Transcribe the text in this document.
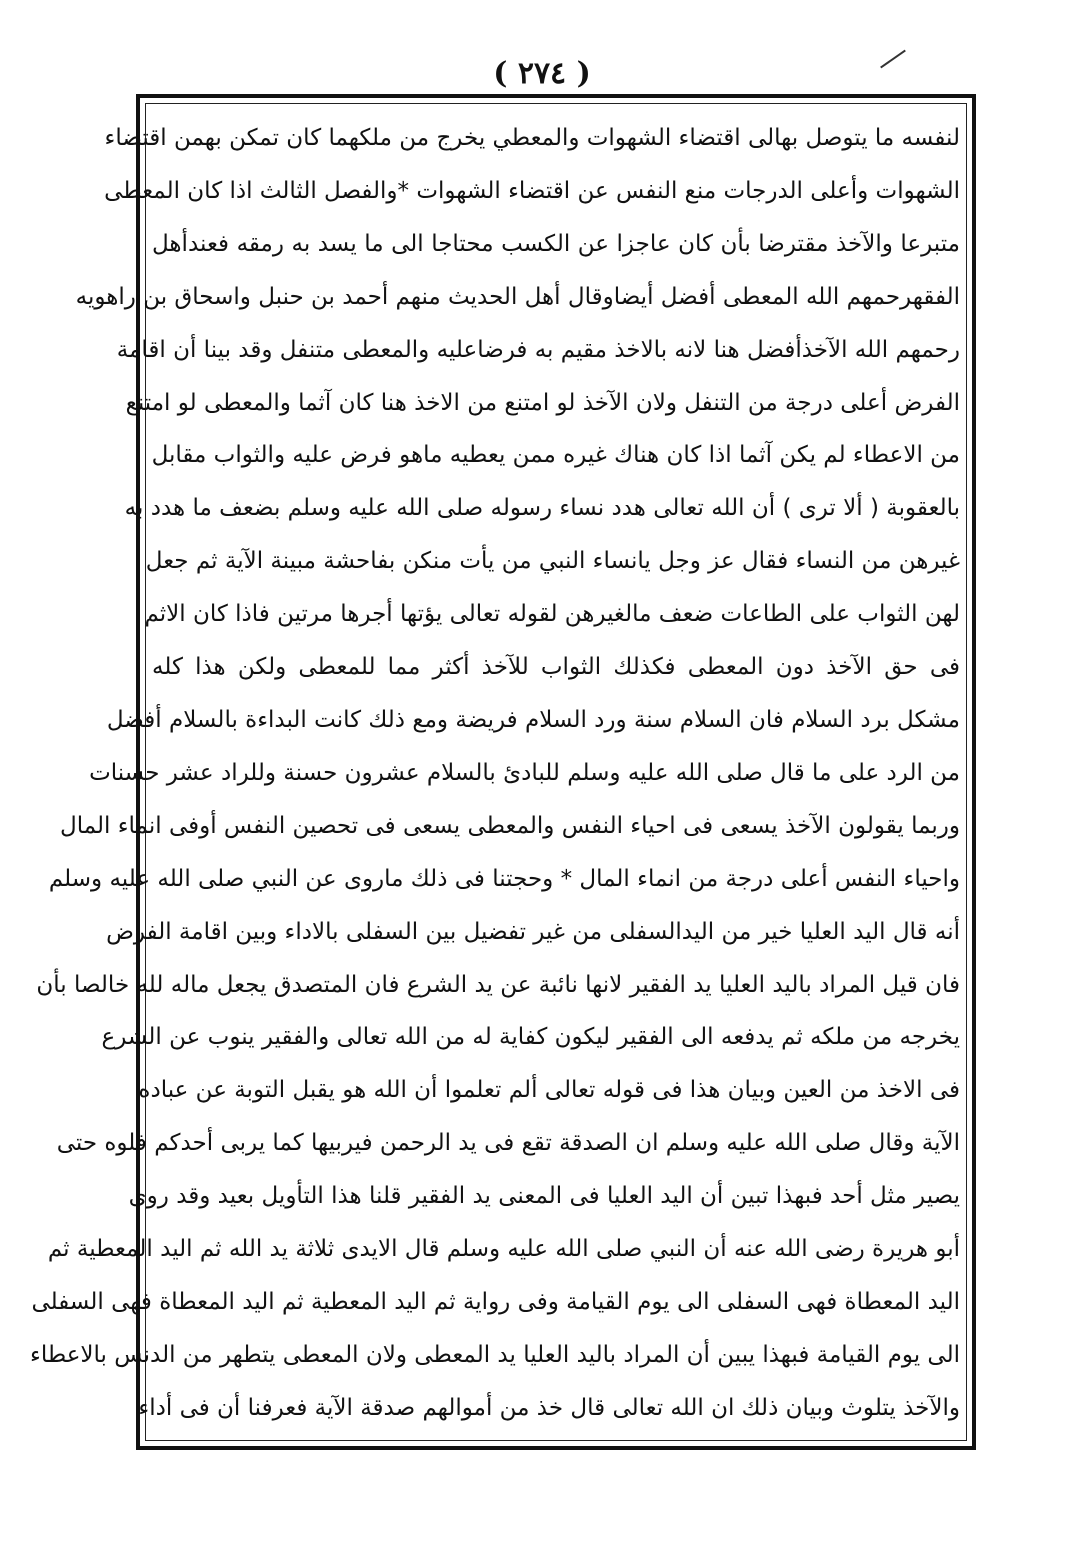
( ٢٧٤ )
لنفسه ما يتوصل بهالى اقتضاء الشهوات والمعطي يخرج من ملكهما كان تمكن بهمن اقتضاء
الشهوات وأعلى الدرجات منع النفس عن اقتضاء الشهوات *والفصل الثالث اذا كان المعطى
متبرعا والآخذ مقترضا بأن كان عاجزا عن الكسب محتاجا الى ما يسد به رمقه فعندأهل
الفقهرحمهم الله المعطى أفضل أيضاوقال أهل الحديث منهم أحمد بن حنبل واسحاق بن راهويه
رحمهم الله الآخذأفضل هنا لانه بالاخذ مقيم به فرضاعليه والمعطى متنفل وقد بينا أن اقامة
الفرض أعلى درجة من التنفل ولان الآخذ لو امتنع من الاخذ هنا كان آثما والمعطى لو امتنع
من الاعطاء لم يكن آثما اذا كان هناك غيره ممن يعطيه ماهو فرض عليه والثواب مقابل
بالعقوبة ( ألا ترى ) أن الله تعالى هدد نساء رسوله صلى الله عليه وسلم بضعف ما هدد به
غيرهن من النساء فقال عز وجل يانساء النبي من يأت منكن بفاحشة مبينة الآية ثم جعل
لهن الثواب على الطاعات ضعف مالغيرهن لقوله تعالى يؤتها أجرها مرتين فاذا كان الاثم
فى حق الآخذ دون المعطى فكذلك الثواب للآخذ أكثر مما للمعطى ولكن هذا كله
مشكل برد السلام فان السلام سنة ورد السلام فريضة ومع ذلك كانت البداءة بالسلام أفضل
من الرد على ما قال صلى الله عليه وسلم للبادئ بالسلام عشرون حسنة وللراد عشر حسنات
وربما يقولون الآخذ يسعى فى احياء النفس والمعطى يسعى فى تحصين النفس أوفى انماء المال
واحياء النفس أعلى درجة من انماء المال * وحجتنا فى ذلك ماروى عن النبي صلى الله عليه وسلم
أنه قال اليد العليا خير من اليدالسفلى من غير تفضيل بين السفلى بالاداء وبين اقامة الفرض
فان قيل المراد باليد العليا يد الفقير لانها نائبة عن يد الشرع فان المتصدق يجعل ماله لله خالصا بأن
يخرجه من ملكه ثم يدفعه الى الفقير ليكون كفاية له من الله تعالى والفقير ينوب عن الشرع
فى الاخذ من العين وبيان هذا فى قوله تعالى ألم تعلموا أن الله هو يقبل التوبة عن عباده
الآية وقال صلى الله عليه وسلم ان الصدقة تقع فى يد الرحمن فيربيها كما يربى أحدكم فلوه حتى
يصير مثل أحد فبهذا تبين أن اليد العليا فى المعنى يد الفقير قلنا هذا التأويل بعيد وقد روى
أبو هريرة رضى الله عنه أن النبي صلى الله عليه وسلم قال الايدى ثلاثة يد الله ثم اليد المعطية ثم
اليد المعطاة فهى السفلى الى يوم القيامة وفى رواية ثم اليد المعطية ثم اليد المعطاة فهى السفلى
الى يوم القيامة فبهذا يبين أن المراد باليد العليا يد المعطى ولان المعطى يتطهر من الدنس بالاعطاء
والآخذ يتلوث وبيان ذلك ان الله تعالى قال خذ من أموالهم صدقة الآية فعرفنا أن فى أداء
